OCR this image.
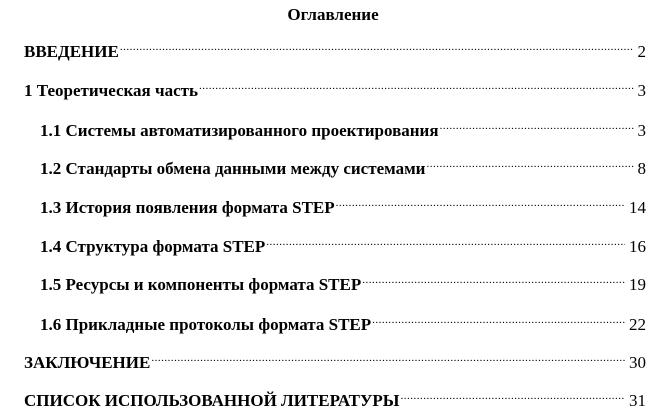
Оглавление
ВВЕДЕНИЕ .....	2
1 Теоретическая часть .....	3
1.1 Системы автоматизированного проектирования .....	3
1.2 Стандарты обмена данными между системами .....	8
1.3 История появления формата STEP .....	14
1.4 Структура формата STEP .....	16
1.5 Ресурсы и компоненты формата STEP .....	19
1.6 Прикладные протоколы формата STEP .....	22
ЗАКЛЮЧЕНИЕ .....	30
СПИСОК ИСПОЛЬЗОВАННОЙ ЛИТЕРАТУРЫ .....	31
